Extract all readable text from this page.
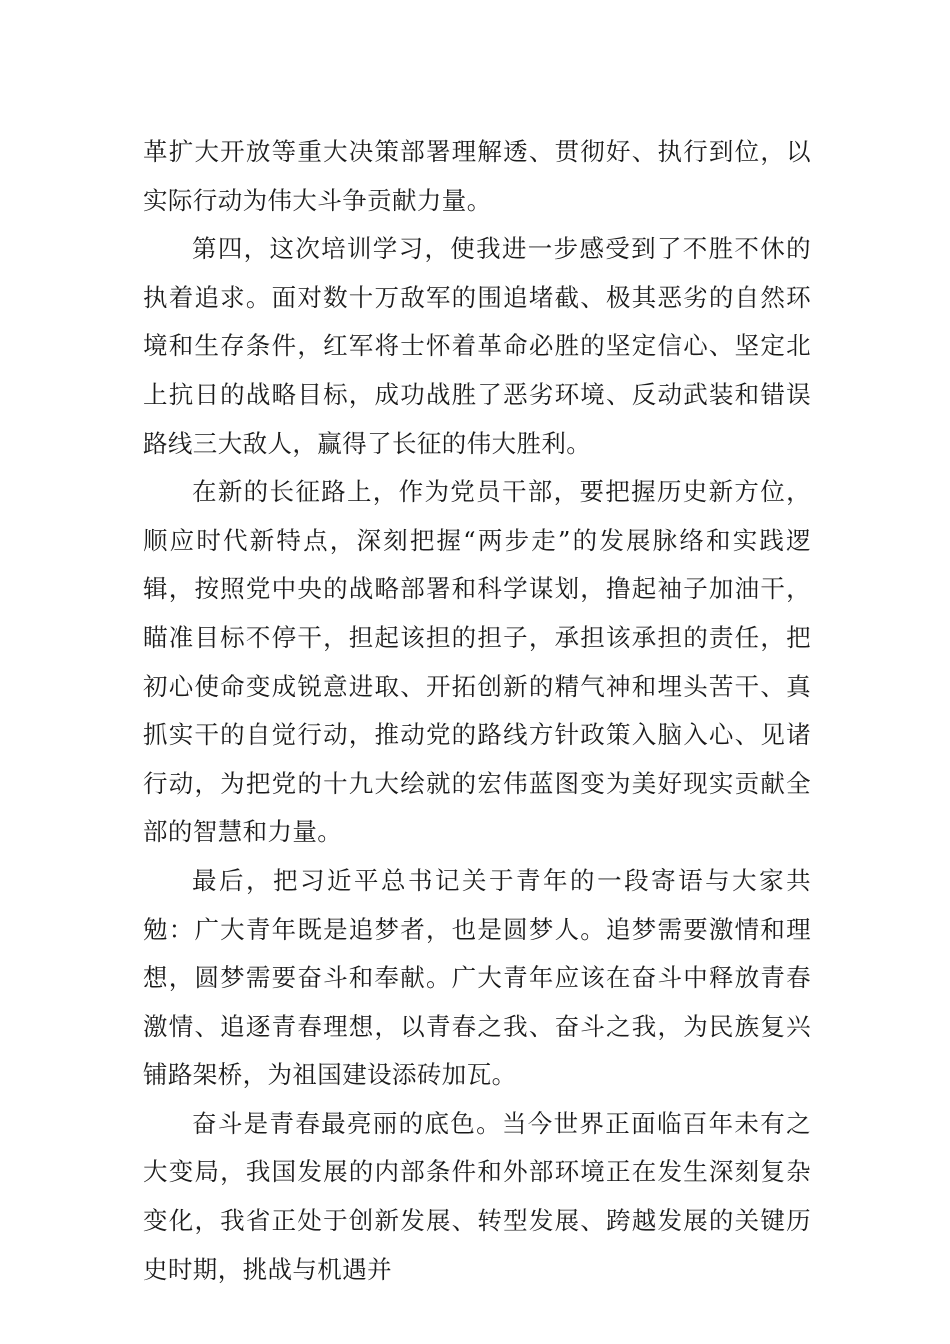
革扩大开放等重大决策部署理解透、贯彻好、执行到位，以实际行动为伟大斗争贡献力量。

第四，这次培训学习，使我进一步感受到了不胜不休的执着追求。面对数十万敌军的围追堵截、极其恶劣的自然环境和生存条件，红军将士怀着革命必胜的坚定信心、坚定北上抗日的战略目标，成功战胜了恶劣环境、反动武装和错误路线三大敌人，赢得了长征的伟大胜利。

在新的长征路上，作为党员干部，要把握历史新方位，顺应时代新特点，深刻把握“两步走”的发展脉络和实践逻辑，按照党中央的战略部署和科学谋划，撸起袖子加油干，瞄准目标不停干，担起该担的担子，承担该承担的责任，把初心使命变成锐意进取、开拓创新的精气神和埋头苦干、真抓实干的自觉行动，推动党的路线方针政策入脑入心、见诸行动，为把党的十九大绘就的宏伟蓝图变为美好现实贡献全部的智慧和力量。

最后，把习近平总书记关于青年的一段寄语与大家共勉：广大青年既是追梦者，也是圆梦人。追梦需要激情和理想，圆梦需要奋斗和奉献。广大青年应该在奋斗中释放青春激情、追逐青春理想，以青春之我、奋斗之我，为民族复兴铺路架桥，为祖国建设添砖加瓦。

奋斗是青春最亮丽的底色。当今世界正面临百年未有之大变局，我国发展的内部条件和外部环境正在发生深刻复杂变化，我省正处于创新发展、转型发展、跨越发展的关键历史时期，挑战与机遇并
